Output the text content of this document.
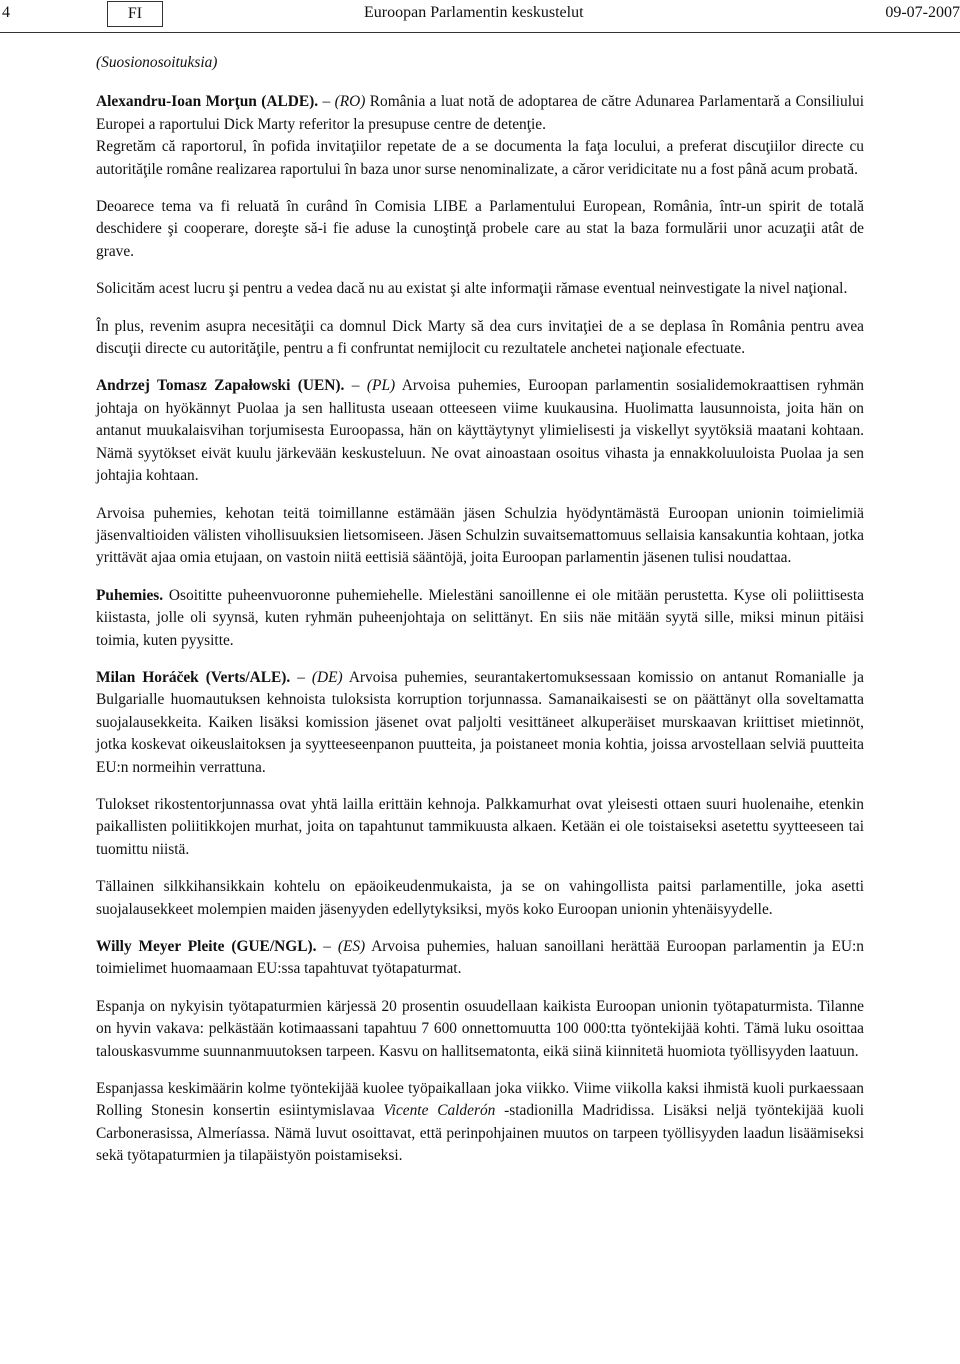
4	FI	Euroopan Parlamentin keskustelut	09-07-2007

(Suosionosoituksia)

Alexandru-Ioan Morţun (ALDE). – (RO) România a luat notă de adoptarea de către Adunarea Parlamentară a Consiliului Europei a raportului Dick Marty referitor la presupuse centre de detenţie.

Regretăm că raportorul, în pofida invitaţiilor repetate de a se documenta la faţa locului, a preferat discuţiilor directe cu autorităţile române realizarea raportului în baza unor surse nenominalizate, a căror veridicitate nu a fost până acum probată.

Deoarece tema va fi reluată în curând în Comisia LIBE a Parlamentului European, România, într-un spirit de totală deschidere şi cooperare, doreşte să-i fie aduse la cunoştinţă probele care au stat la baza formulării unor acuzaţii atât de grave.

Solicităm acest lucru şi pentru a vedea dacă nu au existat şi alte informaţii rămase eventual neinvestigate la nivel naţional.

În plus, revenim asupra necesităţii ca domnul Dick Marty să dea curs invitaţiei de a se deplasa în România pentru avea discuţii directe cu autorităţile, pentru a fi confruntat nemijlocit cu rezultatele anchetei naţionale efectuate.

Andrzej Tomasz Zapałowski (UEN). – (PL) Arvoisa puhemies, Euroopan parlamentin sosialidemokraattisen ryhmän johtaja on hyökännyt Puolaa ja sen hallitusta useaan otteeseen viime kuukausina. Huolimatta lausunnoista, joita hän on antanut muukalaisvihan torjumisesta Euroopassa, hän on käyttäytynyt ylimielisesti ja viskellyt syytöksiä maatani kohtaan. Nämä syytökset eivät kuulu järkevään keskusteluun. Ne ovat ainoastaan osoitus vihasta ja ennakkoluuloista Puolaa ja sen johtajia kohtaan.

Arvoisa puhemies, kehotan teitä toimillanne estämään jäsen Schulzia hyödyntämästä Euroopan unionin toimielimiä jäsenvaltioiden välisten vihollisuuksien lietsomiseen. Jäsen Schulzin suvaitsemattomuus sellaisia kansakuntia kohtaan, jotka yrittävät ajaa omia etujaan, on vastoin niitä eettisiä sääntöjä, joita Euroopan parlamentin jäsenen tulisi noudattaa.

Puhemies. Osoitittе puheenvuoronne puhemiehelle. Mielestäni sanoillenne ei ole mitään perustetta. Kyse oli poliittisesta kiistasta, jolle oli syynsä, kuten ryhmän puheenjohtaja on selittänyt. En siis näe mitään syytä sille, miksi minun pitäisi toimia, kuten pyysitte.

Milan Horáček (Verts/ALE). – (DE) Arvoisa puhemies, seurantakertomuksessaan komissio on antanut Romanialle ja Bulgarialle huomautuksen kehnoista tuloksista korruption torjunnassa. Samanaikaisesti se on päättänyt olla soveltamatta suojalausekkeita. Kaiken lisäksi komission jäsenet ovat paljolti vesittäneet alkuperäiset murskaavan kriittiset mietinnöt, jotka koskevat oikeuslaitoksen ja syytteeseenpanon puutteita, ja poistaneet monia kohtia, joissa arvostellaan selviä puutteita EU:n normeihin verrattuna.

Tulokset rikostentorjunnassa ovat yhtä lailla erittäin kehnoja. Palkkamurhat ovat yleisesti ottaen suuri huolenaihe, etenkin paikallisten poliitikkojen murhat, joita on tapahtunut tammikuusta alkaen. Ketään ei ole toistaiseksi asetettu syytteeseen tai tuomittu niistä.

Tällainen silkkihansikkain kohtelu on epäoikeudenmukaista, ja se on vahingollista paitsi parlamentille, joka asetti suojalausekkeet molempien maiden jäsenyyden edellytyksiksi, myös koko Euroopan unionin yhtenäisyydelle.

Willy Meyer Pleite (GUE/NGL). – (ES) Arvoisa puhemies, haluan sanoillani herättää Euroopan parlamentin ja EU:n toimielimet huomaamaan EU:ssa tapahtuvat työtapaturmat.

Espanja on nykyisin työtapaturmien kärjessä 20 prosentin osuudellaan kaikista Euroopan unionin työtapaturmista. Tilanne on hyvin vakava: pelkästään kotimaassani tapahtuu 7 600 onnettomuutta 100 000:tta työntekijää kohti. Tämä luku osoittaa talouskasvumme suunnanmuutoksen tarpeen. Kasvu on hallitsematonta, eikä siinä kiinnitetä huomiota työllisyyden laatuun.

Espanjassa keskimäärin kolme työntekijää kuolee työpaikallaan joka viikko. Viime viikolla kaksi ihmistä kuoli purkaessaan Rolling Stonesin konsertin esiintymislavaa Vicente Calderón -stadionilla Madridissa. Lisäksi neljä työntekijää kuoli Carbonerasissa, Almeríassa. Nämä luvut osoittavat, että perinpohjainen muutos on tarpeen työllisyyden laadun lisäämiseksi sekä työtapaturmien ja tilapäistyön poistamiseksi.
